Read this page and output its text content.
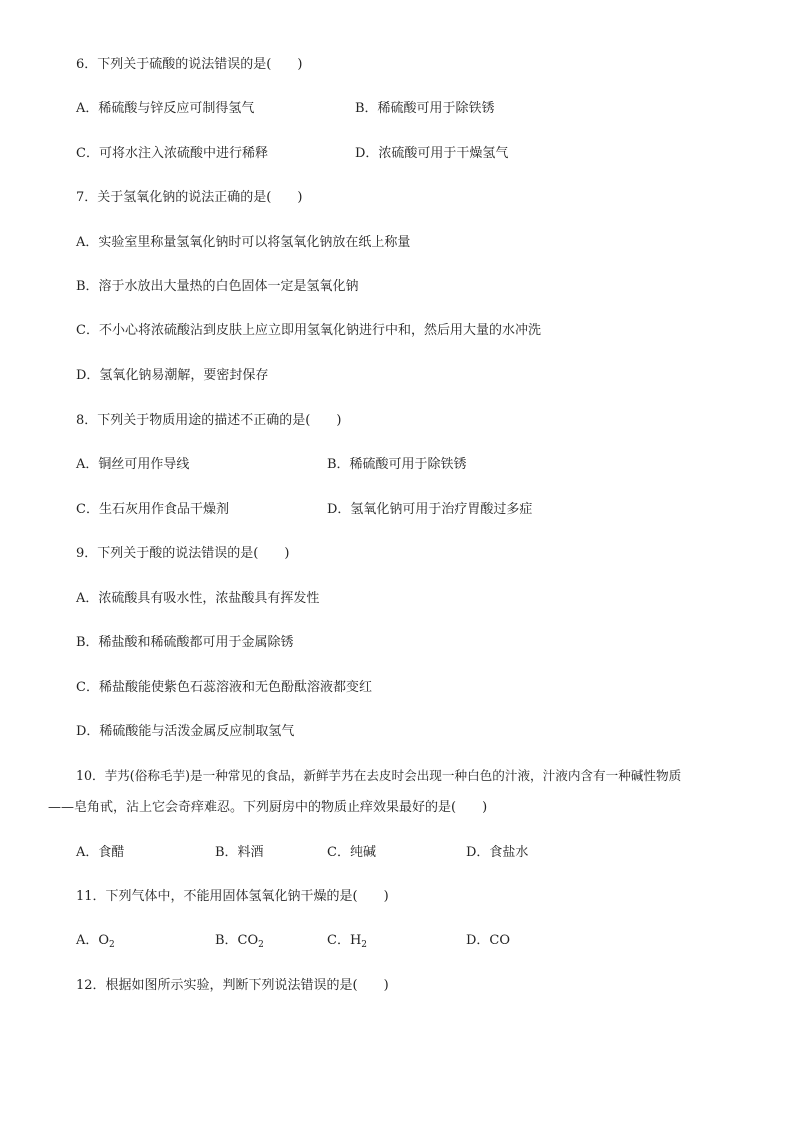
6．下列关于硫酸的说法错误的是(　　)
A．稀硫酸与锌反应可制得氢气	B．稀硫酸可用于除铁锈
C．可将水注入浓硫酸中进行稀释	D．浓硫酸可用于干燥氢气
7．关于氢氧化钠的说法正确的是(　　)
A．实验室里称量氢氧化钠时可以将氢氧化钠放在纸上称量
B．溶于水放出大量热的白色固体一定是氢氧化钠
C．不小心将浓硫酸沾到皮肤上应立即用氢氧化钠进行中和，然后用大量的水冲洗
D．氢氧化钠易潮解，要密封保存
8．下列关于物质用途的描述不正确的是(　　)
A．铜丝可用作导线	B．稀硫酸可用于除铁锈
C．生石灰用作食品干燥剂	D．氢氧化钠可用于治疗胃酸过多症
9．下列关于酸的说法错误的是(　　)
A．浓硫酸具有吸水性，浓盐酸具有挥发性
B．稀盐酸和稀硫酸都可用于金属除锈
C．稀盐酸能使紫色石蕊溶液和无色酚酞溶液都变红
D．稀硫酸能与活泼金属反应制取氢气
10．芋艿(俗称毛芋)是一种常见的食品，新鲜芋艿在去皮时会出现一种白色的汁液，汁液内含有一种碱性物质
——皂角甙，沾上它会奇痒难忍。下列厨房中的物质止痒效果最好的是(　　)
A．食醋	B．料酒	C．纯碱	D．食盐水
11．下列气体中，不能用固体氢氧化钠干燥的是(　　)
A．$O_2$	B．$CO_2$	C．$H_2$	D．CO
12．根据如图所示实验，判断下列说法错误的是(　　)
